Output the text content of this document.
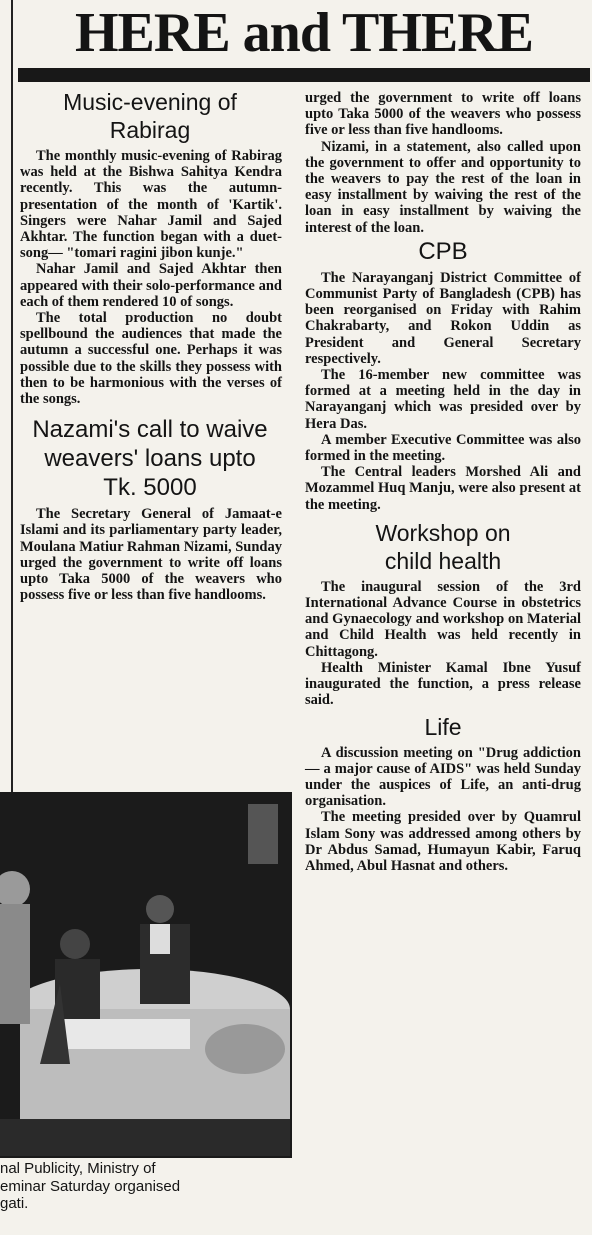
HERE and THERE
Music-evening of Rabirag

The monthly music-evening of Rabirag was held at the Bishwa Sahitya Kendra recently. This was the autumn-presentation of the month of 'Kartik'. Singers were Nahar Jamil and Sajed Akhtar. The function began with a duet-song— "tomari ragini jibon kunje."

Nahar Jamil and Sajed Akhtar then appeared with their solo-performance and each of them rendered 10 of songs.

The total production no doubt spellbound the audiences that made the autumn a successful one. Perhaps it was possible due to the skills they possess with then to be harmonious with the verses of the songs.

Nazami's call to waive weavers' loans upto Tk. 5000

The Secretary General of Jamaat-e Islami and its parliamentary party leader, Moulana Matiur Rahman Nizami, Sunday urged the government to write off loans upto Taka 5000 of the weavers who possess five or less than five handlooms.

nal Publicity, Ministry of

eminar Saturday organised

gati.

urged the government to write off loans upto Taka 5000 of the weavers who possess five or less than five handlooms.

Nizami, in a statement, also called upon the government to offer and opportunity to the weavers to pay the rest of the loan in easy installment by waiving the rest of the loan in easy installment by waiving the interest of the loan.

CPB

The Narayanganj District Committee of Communist Party of Bangladesh (CPB) has been reorganised on Friday with Rahim Chakrabarty, and Rokon Uddin as President and General Secretary respectively.

The 16-member new committee was formed at a meeting held in the day in Narayanganj which was presided over by Hera Das.

A member Executive Committee was also formed in the meeting.

The Central leaders Morshed Ali and Mozammel Huq Manju, were also present at the meeting.

Workshop on child health

The inaugural session of the 3rd International Advance Course in obstetrics and Gynaecology and workshop on Material and Child Health was held recently in Chittagong.

Health Minister Kamal Ibne Yusuf inaugurated the function, a press release said.

Life

A discussion meeting on "Drug addiction — a major cause of AIDS" was held Sunday under the auspices of Life, an anti-drug organisation.

The meeting presided over by Quamrul Islam Sony was addressed among others by Dr Abdus Samad, Humayun Kabir, Faruq Ahmed, Abul Hasnat and others.
